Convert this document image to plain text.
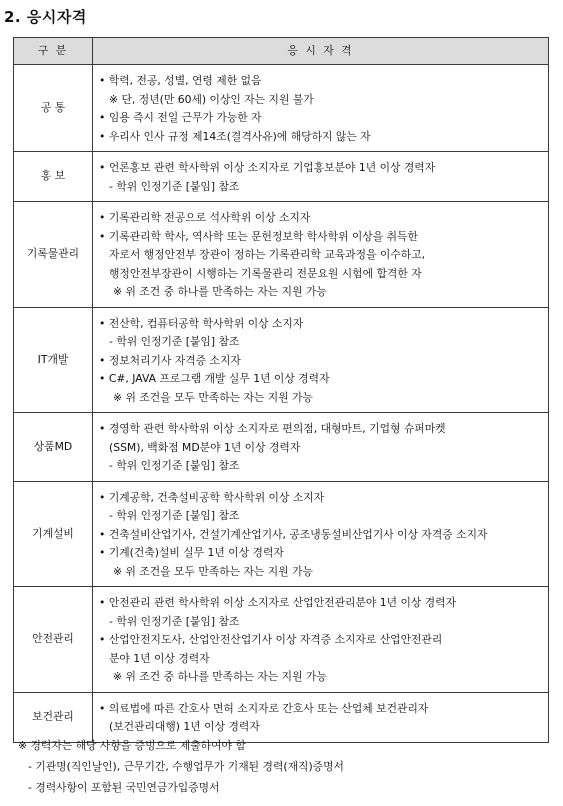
2. 응시자격
구 분	응 시 자 격
공 통	• 학력, 전공, 성별, 연령 제한 없음
※ 단, 정년(만 60세) 이상인 자는 지원 불가
• 임용 즉시 전일 근무가 가능한 자
• 우리사 인사 규정 제14조(결격사유)에 해당하지 않는 자

홍 보	• 언론홍보 관련 학사학위 이상 소지자로 기업홍보분야 1년 이상 경력자
- 학위 인정기준 [붙임] 참조

기록물관리	• 기록관리학 전공으로 석사학위 이상 소지자
• 기록관리학 학사, 역사학 또는 문헌정보학 학사학위 이상을 취득한
자로서 행정안전부 장관이 정하는 기록관리학 교육과정을 이수하고,
행정안전부장관이 시행하는 기록물관리 전문요원 시험에 합격한 자
※ 위 조건 중 하나를 만족하는 자는 지원 가능

IT개발	• 전산학, 컴퓨터공학 학사학위 이상 소지자
- 학위 인정기준 [붙임] 참조
• 정보처리기사 자격증 소지자
• C#, JAVA 프로그램 개발 실무 1년 이상 경력자
※ 위 조건을 모두 만족하는 자는 지원 가능

상품MD	• 경영학 관련 학사학위 이상 소지자로 편의점, 대형마트, 기업형 슈퍼마켓
(SSM), 백화점 MD분야 1년 이상 경력자
- 학위 인정기준 [붙임] 참조

기계설비	• 기계공학, 건축설비공학 학사학위 이상 소지자
- 학위 인정기준 [붙임] 참조
• 건축설비산업기사, 건설기계산업기사, 공조냉동설비산업기사 이상 자격증 소지자
• 기계(건축)설비 실무 1년 이상 경력자
※ 위 조건을 모두 만족하는 자는 지원 가능

안전관리	• 안전관리 관련 학사학위 이상 소지자로 산업안전관리분야 1년 이상 경력자
- 학위 인정기준 [붙임] 참조
• 산업안전지도사, 산업안전산업기사 이상 자격증 소지자로 산업안전관리
분야 1년 이상 경력자
※ 위 조건 중 하나를 만족하는 자는 지원 가능

보건관리	• 의료법에 따른 간호사 면허 소지자로 간호사 또는 산업체 보건관리자
(보건관리대행) 1년 이상 경력자
※ 경력자는 해당 사항을 증빙으로 제출하여야 함
- 기관명(직인날인), 근무기간, 수행업무가 기재된 경력(재직)증명서
- 경력사항이 포함된 국민연금가입증명서
